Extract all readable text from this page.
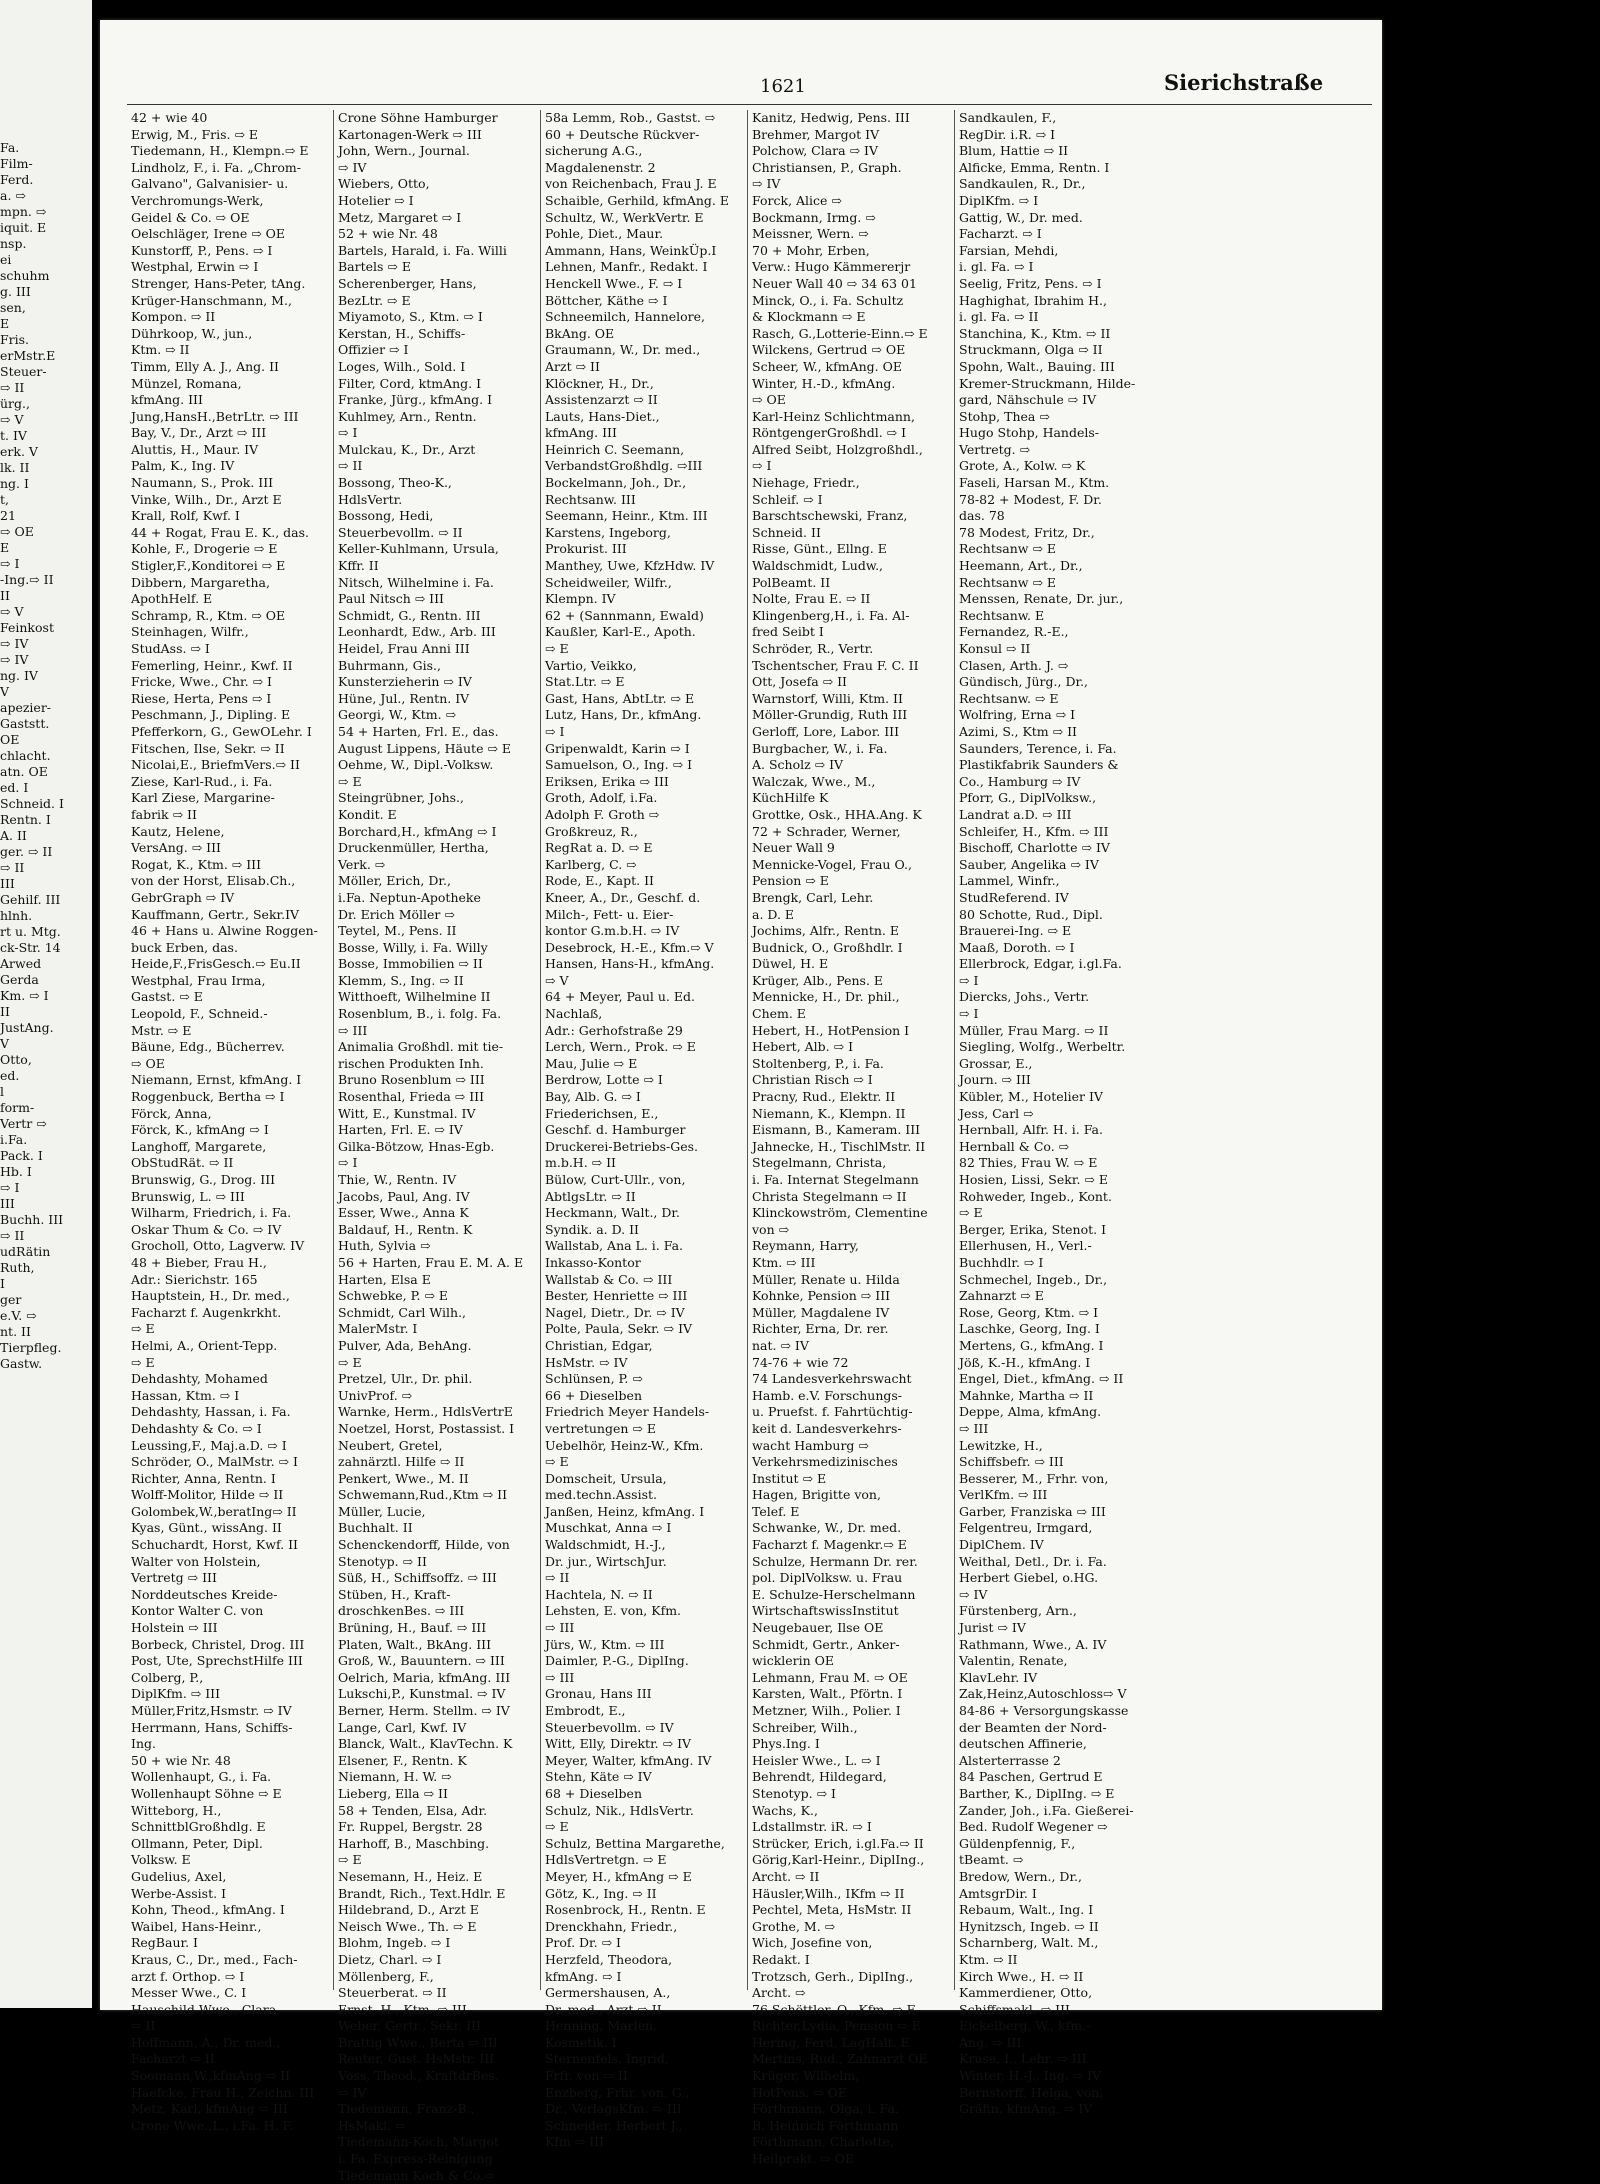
Fa.
Film-
Ferd.
a. ⇨
mpn. ⇨
iquit. E
nsp.
ei
schuhm
g. III
sen,
E
Fris.
erMstr.E
Steuer-
⇨ II
ürg.,
⇨ V
t. IV
erk. V
lk. II
ng. I
t,
21
⇨ OE
E
⇨ I
-Ing.⇨ II
II
⇨ V
Feinkost
⇨ IV
⇨ IV
ng. IV
V
apezier-
Gaststt.
OE
chlacht.
atn. OE
ed. I
Schneid. I
Rentn. I
A. II
ger. ⇨ II
⇨ II
III
Gehilf. III
hlnh.
rt u. Mtg.
ck-Str. 14
Arwed
Gerda
Km. ⇨ I
II
JustAng.
V
Otto,
ed.
l
form-
Vertr ⇨
i.Fa.
Pack. I
Hb. I
⇨ I
III
Buchh. III
⇨ II
udRätin
Ruth,
I
ger
e.V. ⇨
nt. II
Tierpfleg.
Gastw.
1621	Sierichstraße
42 + wie 40
Erwig, M., Fris. ⇨ E
Tiedemann, H., Klempn.⇨ E
Lindholz, F., i. Fa. „Chrom-
Galvano", Galvanisier- u.
Verchromungs-Werk,
Geidel & Co. ⇨ OE
Oelschläger, Irene ⇨ OE
Kunstorff, P., Pens. ⇨ I
Westphal, Erwin ⇨ I
Strenger, Hans-Peter, tAng.
Krüger-Hanschmann, M.,
Kompon. ⇨ II
Dührkoop, W., jun.,
Ktm. ⇨ II
Timm, Elly A. J., Ang. II
Münzel, Romana,
kfmAng. III
Jung,HansH.,BetrLtr. ⇨ III
Bay, V., Dr., Arzt ⇨ III
Aluttis, H., Maur. IV
Palm, K., Ing. IV
Naumann, S., Prok. III
Vinke, Wilh., Dr., Arzt E
Krall, Rolf, Kwf. I
44 + Rogat, Frau E. K., das.
Kohle, F., Drogerie ⇨ E
Stigler,F.,Konditorei ⇨ E
Dibbern, Margaretha,
ApothHelf. E
Schramp, R., Ktm. ⇨ OE
Steinhagen, Wilfr.,
StudAss. ⇨ I
Femerling, Heinr., Kwf. II
Fricke, Wwe., Chr. ⇨ I
Riese, Herta, Pens ⇨ I
Peschmann, J., Dipling. E
Pfefferkorn, G., GewOLehr. I
Fitschen, Ilse, Sekr. ⇨ II
Nicolai,E., BriefmVers.⇨ II
Ziese, Karl-Rud., i. Fa.
Karl Ziese, Margarine-
fabrik ⇨ II
Kautz, Helene,
VersAng. ⇨ III
Rogat, K., Ktm. ⇨ III
von der Horst, Elisab.Ch.,
GebrGraph ⇨ IV
Kauffmann, Gertr., Sekr.IV
46 + Hans u. Alwine Roggen-
buck Erben, das.
Heide,F.,FrisGesch.⇨ Eu.II
Westphal, Frau Irma,
Gastst. ⇨ E
Leopold, F., Schneid.-
Mstr. ⇨ E
Bäune, Edg., Bücherrev.
⇨ OE
Niemann, Ernst, kfmAng. I
Roggenbuck, Bertha ⇨ I
Förck, Anna,
Förck, K., kfmAng ⇨ I
Langhoff, Margarete,
ObStudRät. ⇨ II
Brunswig, G., Drog. III
Brunswig, L. ⇨ III
Wilharm, Friedrich, i. Fa.
Oskar Thum & Co. ⇨ IV
Grocholl, Otto, Lagverw. IV
48 + Bieber, Frau H.,
Adr.: Sierichstr. 165
Hauptstein, H., Dr. med.,
Facharzt f. Augenkrkht.
⇨ E
Helmi, A., Orient-Tepp.
⇨ E
Dehdashty, Mohamed
Hassan, Ktm. ⇨ I
Dehdashty, Hassan, i. Fa.
Dehdashty & Co. ⇨ I
Leussing,F., Maj.a.D. ⇨ I
Schröder, O., MalMstr. ⇨ I
Richter, Anna, Rentn. I
Wolff-Molitor, Hilde ⇨ II
Golombek,W.,beratIng⇨ II
Kyas, Günt., wissAng. II
Schuchardt, Horst, Kwf. II
Walter von Holstein,
Vertretg ⇨ III
Norddeutsches Kreide-
Kontor Walter C. von
Holstein ⇨ III
Borbeck, Christel, Drog. III
Post, Ute, SprechstHilfe III
Colberg, P.,
DiplKfm. ⇨ III
Müller,Fritz,Hsmstr. ⇨ IV
Herrmann, Hans, Schiffs-
Ing.
50 + wie Nr. 48
Wollenhaupt, G., i. Fa.
Wollenhaupt Söhne ⇨ E
Witteborg, H.,
SchnittblGroßhdlg. E
Ollmann, Peter, Dipl.
Volksw. E
Gudelius, Axel,
Werbe-Assist. I
Kohn, Theod., kfmAng. I
Waibel, Hans-Heinr.,
RegBaur. I
Kraus, C., Dr., med., Fach-
arzt f. Orthop. ⇨ I
Messer Wwe., C. I
Hauschild Wwe., Clara
⇨ II
Hoffmann, A., Dr. med.,
Facharzt ⇨ II
Soomann,W.,kfmAng ⇨ II
Haefcke, Frau H., Zeichn. III
Metz, Karl, kfmAng ⇨ III
Crone Wwe.,L., i.Fa. H. F.
Crone Söhne Hamburger
Kartonagen-Werk ⇨ III
John, Wern., Journal.
⇨ IV
Wiebers, Otto,
Hotelier ⇨ I
Metz, Margaret ⇨ I
52 + wie Nr. 48
Bartels, Harald, i. Fa. Willi
Bartels ⇨ E
Scherenberger, Hans,
BezLtr. ⇨ E
Miyamoto, S., Ktm. ⇨ I
Kerstan, H., Schiffs-
Offizier ⇨ I
Loges, Wilh., Sold. I
Filter, Cord, ktmAng. I
Franke, Jürg., kfmAng. I
Kuhlmey, Arn., Rentn.
⇨ I
Mulckau, K., Dr., Arzt
⇨ II
Bossong, Theo-K.,
HdlsVertr.
Bossong, Hedi,
Steuerbevollm. ⇨ II
Keller-Kuhlmann, Ursula,
Kffr. II
Nitsch, Wilhelmine i. Fa.
Paul Nitsch ⇨ III
Schmidt, G., Rentn. III
Leonhardt, Edw., Arb. III
Heidel, Frau Anni III
Buhrmann, Gis.,
Kunsterzieherin ⇨ IV
Hüne, Jul., Rentn. IV
Georgi, W., Ktm. ⇨
54 + Harten, Frl. E., das.
August Lippens, Häute ⇨ E
Oehme, W., Dipl.-Volksw.
⇨ E
Steingrübner, Johs.,
Kondit. E
Borchard,H., kfmAng ⇨ I
Druckenmüller, Hertha,
Verk. ⇨
Möller, Erich, Dr.,
i.Fa. Neptun-Apotheke
Dr. Erich Möller ⇨
Teytel, M., Pens. II
Bosse, Willy, i. Fa. Willy
Bosse, Immobilien ⇨ II
Klemm, S., Ing. ⇨ II
Witthoeft, Wilhelmine II
Rosenblum, B., i. folg. Fa.
⇨ III
Animalia Großhdl. mit tie-
rischen Produkten Inh.
Bruno Rosenblum ⇨ III
Rosenthal, Frieda ⇨ III
Witt, E., Kunstmal. IV
Harten, Frl. E. ⇨ IV
Gilka-Bötzow, Hnas-Egb.
⇨ I
Thie, W., Rentn. IV
Jacobs, Paul, Ang. IV
Esser, Wwe., Anna K
Baldauf, H., Rentn. K
Huth, Sylvia ⇨
56 + Harten, Frau E. M. A. E
Harten, Elsa E
Schwebke, P. ⇨ E
Schmidt, Carl Wilh.,
MalerMstr. I
Pulver, Ada, BehAng.
⇨ E
Pretzel, Ulr., Dr. phil.
UnivProf. ⇨
Warnke, Herm., HdlsVertrE
Noetzel, Horst, Postassist. I
Neubert, Gretel,
zahnärztl. Hilfe ⇨ II
Penkert, Wwe., M. II
Schwemann,Rud.,Ktm ⇨ II
Müller, Lucie,
Buchhalt. II
Schenckendorff, Hilde, von
Stenotyp. ⇨ II
Süß, H., Schiffsoffz. ⇨ III
Stüben, H., Kraft-
droschkenBes. ⇨ III
Brüning, H., Bauf. ⇨ III
Platen, Walt., BkAng. III
Groß, W., Bauuntern. ⇨ III
Oelrich, Maria, kfmAng. III
Lukschi,P., Kunstmal. ⇨ IV
Berner, Herm. Stellm. ⇨ IV
Lange, Carl, Kwf. IV
Blanck, Walt., KlavTechn. K
Elsener, F., Rentn. K
Niemann, H. W. ⇨
Lieberg, Ella ⇨ II
58 + Tenden, Elsa, Adr.
Fr. Ruppel, Bergstr. 28
Harhoff, B., Maschbing.
⇨ E
Nesemann, H., Heiz. E
Brandt, Rich., Text.Hdlr. E
Hildebrand, D., Arzt E
Neisch Wwe., Th. ⇨ E
Blohm, Ingeb. ⇨ I
Dietz, Charl. ⇨ I
Möllenberg, F.,
Steuerberat. ⇨ II
Ernst, H., Ktm. ⇨ III
Weber, Gertr., Sekr. III
Brattig Wwe., Berta ⇨ III
Reuter, Gust. HsMstr. III
Voss, Theod., KraftdrBes.
⇨ IV
Tiedemann, Franz-B.,
HsMakl. ⇨
Tiedemann-Koch, Margot
i. Fa. Express-Reinigung
Tiedemann Koch & Co.⇨
58a Lemm, Rob., Gastst. ⇨
60 + Deutsche Rückver-
sicherung A.G.,
Magdalenenstr. 2
von Reichenbach, Frau J. E
Schaible, Gerhild, kfmAng. E
Schultz, W., WerkVertr. E
Pohle, Diet., Maur.
Ammann, Hans, WeinkÜp.I
Lehnen, Manfr., Redakt. I
Henckell Wwe., F. ⇨ I
Böttcher, Käthe ⇨ I
Schneemilch, Hannelore,
BkAng. OE
Graumann, W., Dr. med.,
Arzt ⇨ II
Klöckner, H., Dr.,
Assistenzarzt ⇨ II
Lauts, Hans-Diet.,
kfmAng. III
Heinrich C. Seemann,
VerbandstGroßhdlg. ⇨III
Bockelmann, Joh., Dr.,
Rechtsanw. III
Seemann, Heinr., Ktm. III
Karstens, Ingeborg,
Prokurist. III
Manthey, Uwe, KfzHdw. IV
Scheidweiler, Wilfr.,
Klempn. IV
62 + (Sannmann, Ewald)
Kaußler, Karl-E., Apoth.
⇨ E
Vartio, Veikko,
Stat.Ltr. ⇨ E
Gast, Hans, AbtLtr. ⇨ E
Lutz, Hans, Dr., kfmAng.
⇨ I
Gripenwaldt, Karin ⇨ I
Samuelson, O., Ing. ⇨ I
Eriksen, Erika ⇨ III
Groth, Adolf, i.Fa.
Adolph F. Groth ⇨
Großkreuz, R.,
RegRat a. D. ⇨ E
Karlberg, C. ⇨
Rode, E., Kapt. II
Kneer, A., Dr., Geschf. d.
Milch-, Fett- u. Eier-
kontor G.m.b.H. ⇨ IV
Desebrock, H.-E., Kfm.⇨ V
Hansen, Hans-H., kfmAng.
⇨ V
64 + Meyer, Paul u. Ed.
Nachlaß,
Adr.: Gerhofstraße 29
Lerch, Wern., Prok. ⇨ E
Mau, Julie ⇨ E
Berdrow, Lotte ⇨ I
Bay, Alb. G. ⇨ I
Friederichsen, E.,
Geschf. d. Hamburger
Druckerei-Betriebs-Ges.
m.b.H. ⇨ II
Bülow, Curt-Ullr., von,
AbtlgsLtr. ⇨ II
Heckmann, Walt., Dr.
Syndik. a. D. II
Wallstab, Ana L. i. Fa.
Inkasso-Kontor
Wallstab & Co. ⇨ III
Bester, Henriette ⇨ III
Nagel, Dietr., Dr. ⇨ IV
Polte, Paula, Sekr. ⇨ IV
Christian, Edgar,
HsMstr. ⇨ IV
Schlünsen, P. ⇨
66 + Dieselben
Friedrich Meyer Handels-
vertretungen ⇨ E
Uebelhör, Heinz-W., Kfm.
⇨ E
Domscheit, Ursula,
med.techn.Assist.
Janßen, Heinz, kfmAng. I
Muschkat, Anna ⇨ I
Waldschmidt, H.-J.,
Dr. jur., WirtschJur.
⇨ II
Hachtela, N. ⇨ II
Lehsten, E. von, Kfm.
⇨ III
Jürs, W., Ktm. ⇨ III
Daimler, P.-G., DiplIng.
⇨ III
Gronau, Hans III
Embrodt, E.,
Steuerbevollm. ⇨ IV
Witt, Elly, Direktr. ⇨ IV
Meyer, Walter, kfmAng. IV
Stehn, Käte ⇨ IV
68 + Dieselben
Schulz, Nik., HdlsVertr.
⇨ E
Schulz, Bettina Margarethe,
HdlsVertretgn. ⇨ E
Meyer, H., kfmAng ⇨ E
Götz, K., Ing. ⇨ II
Rosenbrock, H., Rentn. E
Drenckhahn, Friedr.,
Prof. Dr. ⇨ I
Herzfeld, Theodora,
kfmAng. ⇨ I
Germershausen, A.,
Dr. med., Arzt ⇨ II
Henning, Marlen,
Kosmetik. I
Sternenfels, Ingrid,
Frfr. von ⇨ II
Enzberg, Frhr. von, G.,
Dr., VerlagsKfm. ⇨ III
Schneider, Herbert J.,
Kfm ⇨ III
Kanitz, Hedwig, Pens. III
Brehmer, Margot IV
Polchow, Clara ⇨ IV
Christiansen, P., Graph.
⇨ IV
Forck, Alice ⇨
Bockmann, Irmg. ⇨
Meissner, Wern. ⇨
70 + Mohr, Erben,
Verw.: Hugo Kämmererjr
Neuer Wall 40 ⇨ 34 63 01
Minck, O., i. Fa. Schultz
& Klockmann ⇨ E
Rasch, G.,Lotterie-Einn.⇨ E
Wilckens, Gertrud ⇨ OE
Scheer, W., kfmAng. OE
Winter, H.-D., kfmAng.
⇨ OE
Karl-Heinz Schlichtmann,
RöntgengerGroßhdl. ⇨ I
Alfred Seibt, Holzgroßhdl.,
⇨ I
Niehage, Friedr.,
Schleif. ⇨ I
Barschtschewski, Franz,
Schneid. II
Risse, Günt., Ellng. E
Waldschmidt, Ludw.,
PolBeamt. II
Nolte, Frau E. ⇨ II
Klingenberg,H., i. Fa. Al-
fred Seibt I
Schröder, R., Vertr.
Tschentscher, Frau F. C. II
Ott, Josefa ⇨ II
Warnstorf, Willi, Ktm. II
Möller-Grundig, Ruth III
Gerloff, Lore, Labor. III
Burgbacher, W., i. Fa.
A. Scholz ⇨ IV
Walczak, Wwe., M.,
KüchHilfe K
Grottke, Osk., HHA.Ang. K
72 + Schrader, Werner,
Neuer Wall 9
Mennicke-Vogel, Frau O.,
Pension ⇨ E
Brengk, Carl, Lehr.
a. D. E
Jochims, Alfr., Rentn. E
Budnick, O., Großhdlr. I
Düwel, H. E
Krüger, Alb., Pens. E
Mennicke, H., Dr. phil.,
Chem. E
Hebert, H., HotPension I
Hebert, Alb. ⇨ I
Stoltenberg, P., i. Fa.
Christian Risch ⇨ I
Pracny, Rud., Elektr. II
Niemann, K., Klempn. II
Eismann, B., Kameram. III
Jahnecke, H., TischlMstr. II
Stegelmann, Christa,
i. Fa. Internat Stegelmann
Christa Stegelmann ⇨ II
Klinckowström, Clementine
von ⇨
Reymann, Harry,
Ktm. ⇨ III
Müller, Renate u. Hilda
Kohnke, Pension ⇨ III
Müller, Magdalene IV
Richter, Erna, Dr. rer.
nat. ⇨ IV
74-76 + wie 72
74 Landesverkehrswacht
Hamb. e.V. Forschungs-
u. Pruefst. f. Fahrtüchtig-
keit d. Landesverkehrs-
wacht Hamburg ⇨
Verkehrsmedizinisches
Institut ⇨ E
Hagen, Brigitte von,
Telef. E
Schwanke, W., Dr. med.
Facharzt f. Magenkr.⇨ E
Schulze, Hermann Dr. rer.
pol. DiplVolksw. u. Frau
E. Schulze-Herschelmann
WirtschaftswissInstitut
Neugebauer, Ilse OE
Schmidt, Gertr., Anker-
wicklerin OE
Lehmann, Frau M. ⇨ OE
Karsten, Walt., Pförtn. I
Metzner, Wilh., Polier. I
Schreiber, Wilh.,
Phys.Ing. I
Heisler Wwe., L. ⇨ I
Behrendt, Hildegard,
Stenotyp. ⇨ I
Wachs, K.,
Ldstallmstr. iR. ⇨ I
Strücker, Erich, i.gl.Fa.⇨ II
Görig,Karl-Heinr., DiplIng.,
Archt. ⇨ II
Häusler,Wilh., IKfm ⇨ II
Pechtel, Meta, HsMstr. II
Grothe, M. ⇨
Wich, Josefine von,
Redakt. I
Trotzsch, Gerh., DiplIng.,
Archt. ⇨
76 Schöttler, O., Kfm. ⇨ E
Richter,Lydia, Pension ⇨ E
Hering, Ferd, LagHalt. E
Mertins, Rud., Zahnarzt OE
Krüger, Wilhelm,
HotPens. ⇨ OE
Förthmann, Olga, i. Fa.
B. Heinrich Förthmann
Förthmann, Charlotte,
Heilprakt. ⇨ OE
Sandkaulen, F.,
RegDir. i.R. ⇨ I
Blum, Hattie ⇨ II
Alficke, Emma, Rentn. I
Sandkaulen, R., Dr.,
DiplKfm. ⇨ I
Gattig, W., Dr. med.
Facharzt. ⇨ I
Farsian, Mehdi,
i. gl. Fa. ⇨ I
Seelig, Fritz, Pens. ⇨ I
Haghighat, Ibrahim H.,
i. gl. Fa. ⇨ II
Stanchina, K., Ktm. ⇨ II
Struckmann, Olga ⇨ II
Spohn, Walt., Bauing. III
Kremer-Struckmann, Hilde-
gard, Nähschule ⇨ IV
Stohp, Thea ⇨
Hugo Stohp, Handels-
Vertretg. ⇨
Grote, A., Kolw. ⇨ K
Faseli, Harsan M., Ktm.
78-82 + Modest, F. Dr.
das. 78
78 Modest, Fritz, Dr.,
Rechtsanw ⇨ E
Heemann, Art., Dr.,
Rechtsanw ⇨ E
Menssen, Renate, Dr. jur.,
Rechtsanw. E
Fernandez, R.-E.,
Konsul ⇨ II
Clasen, Arth. J. ⇨
Gündisch, Jürg., Dr.,
Rechtsanw. ⇨ E
Wolfring, Erna ⇨ I
Azimi, S., Ktm ⇨ II
Saunders, Terence, i. Fa.
Plastikfabrik Saunders &
Co., Hamburg ⇨ IV
Pforr, G., DiplVolksw.,
Landrat a.D. ⇨ III
Schleifer, H., Kfm. ⇨ III
Bischoff, Charlotte ⇨ IV
Sauber, Angelika ⇨ IV
Lammel, Winfr.,
StudReferend. IV
80 Schotte, Rud., Dipl.
Brauerei-Ing. ⇨ E
Maaß, Doroth. ⇨ I
Ellerbrock, Edgar, i.gl.Fa.
⇨ I
Diercks, Johs., Vertr.
⇨ I
Müller, Frau Marg. ⇨ II
Siegling, Wolfg., Werbeltr.
Grossar, E.,
Journ. ⇨ III
Kübler, M., Hotelier IV
Jess, Carl ⇨
Hernball, Alfr. H. i. Fa.
Hernball & Co. ⇨
82 Thies, Frau W. ⇨ E
Hosien, Lissi, Sekr. ⇨ E
Rohweder, Ingeb., Kont.
⇨ E
Berger, Erika, Stenot. I
Ellerhusen, H., Verl.-
Buchhdlr. ⇨ I
Schmechel, Ingeb., Dr.,
Zahnarzt ⇨ E
Rose, Georg, Ktm. ⇨ I
Laschke, Georg, Ing. I
Mertens, G., kfmAng. I
Jöß, K.-H., kfmAng. I
Engel, Diet., kfmAng. ⇨ II
Mahnke, Martha ⇨ II
Deppe, Alma, kfmAng.
⇨ III
Lewitzke, H.,
Schiffsbefr. ⇨ III
Besserer, M., Frhr. von,
VerlKfm. ⇨ III
Garber, Franziska ⇨ III
Felgentreu, Irmgard,
DiplChem. IV
Weithal, Detl., Dr. i. Fa.
Herbert Giebel, o.HG.
⇨ IV
Fürstenberg, Arn.,
Jurist ⇨ IV
Rathmann, Wwe., A. IV
Valentin, Renate,
KlavLehr. IV
Zak,Heinz,Autoschloss⇨ V
84-86 + Versorgungskasse
der Beamten der Nord-
deutschen Affinerie,
Alsterterrasse 2
84 Paschen, Gertrud E
Barther, K., DiplIng. ⇨ E
Zander, Joh., i.Fa. Gießerei-
Bed. Rudolf Wegener ⇨
Güldenpfennig, F.,
tBeamt. ⇨
Bredow, Wern., Dr.,
AmtsgrDir. I
Rebaum, Walt., Ing. I
Hynitzsch, Ingeb. ⇨ II
Scharnberg, Walt. M.,
Ktm. ⇨ II
Kirch Wwe., H. ⇨ II
Kammerdiener, Otto,
Schiffsmakl. ⇨ III
Eickelberg, W., kfm.-
Ang. ⇨ III
Kruse, I., Lehr. ⇨ III
Winter, H.-J., Ing. ⇨ IV
Bernstorff, Helga, von,
Gräfin, kfmAng. ⇨ IV
